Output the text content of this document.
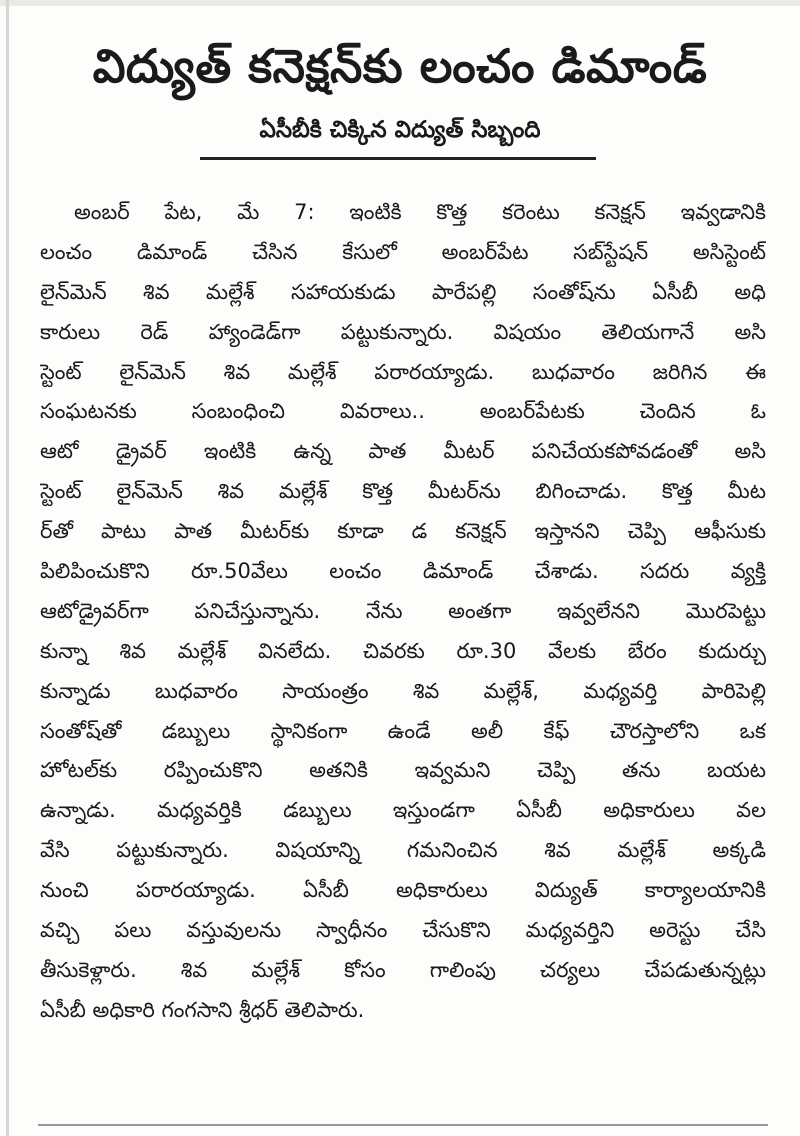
విద్యుత్ కనెక్షన్‌కు లంచం డిమాండ్
ఏసీబీకి చిక్కిన విద్యుత్ సిబ్బంది
అంబర్ పేట, మే 7: ఇంటికి కొత్త కరెంటు కనెక్షన్ ఇవ్వడానికి
లంచం డిమాండ్ చేసిన కేసులో అంబర్‌పేట సబ్‌స్టేషన్ అసిస్టెంట్
లైన్‌మెన్ శివ మల్లేశ్ సహాయకుడు పారేపల్లి సంతోష్‌ను ఏసీబీ అధి
కారులు రెడ్ హ్యాండెడ్‌గా పట్టుకున్నారు. విషయం తెలియగానే అసి
స్టెంట్ లైన్‌మెన్ శివ మల్లేశ్ పరారయ్యాడు. బుధవారం జరిగిన ఈ
సంఘటనకు సంబంధించి వివరాలు.. అంబర్‌పేటకు చెందిన ఓ
ఆటో డ్రైవర్ ఇంటికి ఉన్న పాత మీటర్ పనిచేయకపోవడంతో అసి
స్టెంట్ లైన్‌మెన్ శివ మల్లేశ్ కొత్త మీటర్‌ను బిగించాడు. కొత్త మీట
ర్‌తో పాటు పాత మీటర్‌కు కూడా డ కనెక్షన్ ఇస్తానని చెప్పి ఆఫీసుకు
పిలిపించుకొని రూ.50వేలు లంచం డిమాండ్ చేశాడు. సదరు వ్యక్తి
ఆటోడ్రైవర్‌గా పనిచేస్తున్నాను. నేను అంతగా ఇవ్వలేనని మొరపెట్టు
కున్నా శివ మల్లేశ్ వినలేదు. చివరకు రూ.30 వేలకు బేరం కుదుర్చు
కున్నాడు బుధవారం సాయంత్రం శివ మల్లేశ్, మధ్యవర్తి పారిపెల్లి
సంతోష్‌తో డబ్బులు స్థానికంగా ఉండే అలీ కేఫ్ చౌరస్తాలోని ఒక
హోటల్‌కు రప్పించుకొని అతనికి ఇవ్వమని చెప్పి తను బయట
ఉన్నాడు. మధ్యవర్తికి డబ్బులు ఇస్తుండగా ఏసీబీ అధికారులు వల
వేసి పట్టుకున్నారు. విషయాన్ని గమనించిన శివ మల్లేశ్ అక్కడి
నుంచి పరారయ్యాడు. ఏసీబీ అధికారులు విద్యుత్ కార్యాలయానికి
వచ్చి పలు వస్తువులను స్వాధీనం చేసుకొని మధ్యవర్తిని అరెస్టు చేసి
తీసుకెళ్లారు. శివ మల్లేశ్ కోసం గాలింపు చర్యలు చేపడుతున్నట్లు
ఏసీబీ అధికారి గంగసాని శ్రీధర్ తెలిపారు.
